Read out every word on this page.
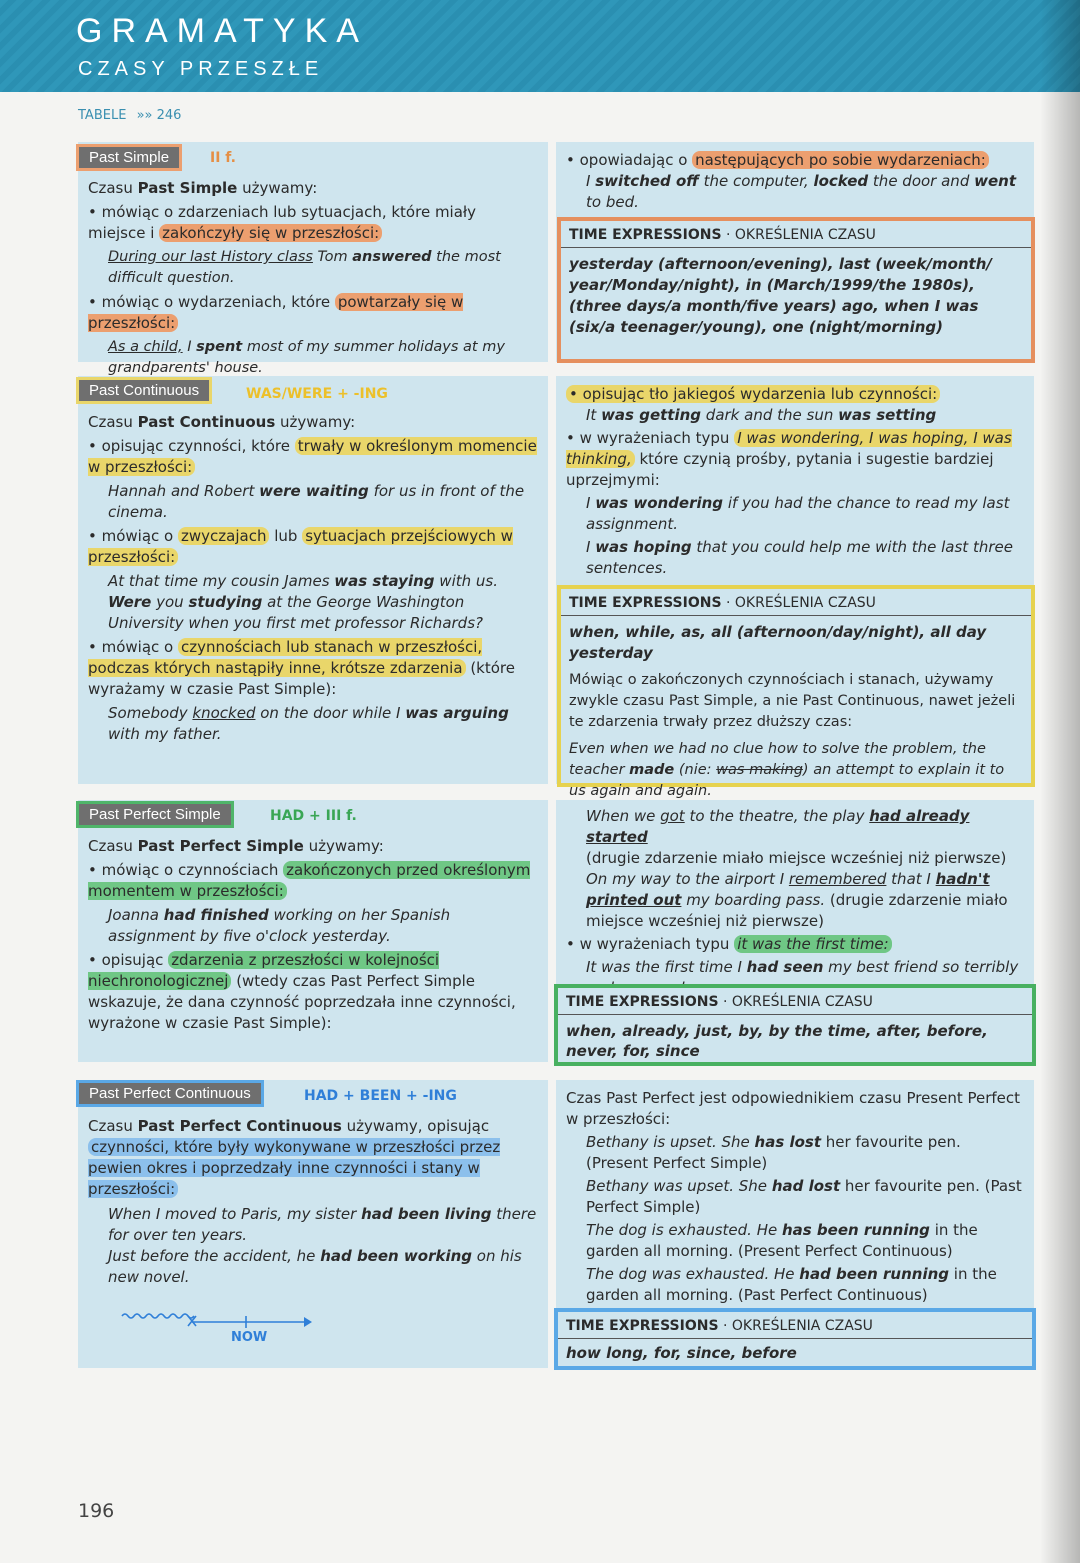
GRAMATYKA
CZASY PRZESZŁE
TABELE »» 246
Past Simple	II f.
Czasu Past Simple używamy:
• mówiąc o zdarzeniach lub sytuacjach, które miały miejsce i zakończyły się w przeszłości:
During our last History class Tom answered the most difficult question.
• mówiąc o wydarzeniach, które powtarzały się w przeszłości:
As a child, I spent most of my summer holidays at my grandparents' house.
• opowiadając o następujących po sobie wydarzeniach:
I switched off the computer, locked the door and went to bed.
TIME EXPRESSIONS · OKREŚLENIA CZASU
yesterday (afternoon/evening), last (week/month/ year/Monday/night), in (March/1999/the 1980s), (three days/a month/five years) ago, when I was (six/a teenager/young), one (night/morning)
Past Continuous	WAS/WERE + -ING
Czasu Past Continuous używamy:
• opisując czynności, które trwały w określonym momencie w przeszłości:
Hannah and Robert were waiting for us in front of the cinema.
• mówiąc o zwyczajach lub sytuacjach przejściowych w przeszłości:
At that time my cousin James was staying with us.
Were you studying at the George Washington University when you first met professor Richards?
• mówiąc o czynnościach lub stanach w przeszłości, podczas których nastąpiły inne, krótsze zdarzenia (które wyrażamy w czasie Past Simple):
Somebody knocked on the door while I was arguing with my father.
• opisując tło jakiegoś wydarzenia lub czynności:
It was getting dark and the sun was setting
• w wyrażeniach typu I was wondering, I was hoping, I was thinking, które czynią prośby, pytania i sugestie bardziej uprzejmymi:
I was wondering if you had the chance to read my last assignment.
I was hoping that you could help me with the last three sentences.
TIME EXPRESSIONS · OKREŚLENIA CZASU
when, while, as, all (afternoon/day/night), all day yesterday
Mówiąc o zakończonych czynnościach i stanach, używamy zwykle czasu Past Simple, a nie Past Continuous, nawet jeżeli te zdarzenia trwały przez dłuższy czas:
Even when we had no clue how to solve the problem, the teacher made (nie: was making) an attempt to explain it to us again and again.
Past Perfect Simple	HAD + III f.
Czasu Past Perfect Simple używamy:
• mówiąc o czynnościach zakończonych przed określonym momentem w przeszłości:
Joanna had finished working on her Spanish assignment by five o'clock yesterday.
• opisując zdarzenia z przeszłości w kolejności niechronologicznej (wtedy czas Past Perfect Simple wskazuje, że dana czynność poprzedzała inne czynności, wyrażone w czasie Past Simple):
When we got to the theatre, the play had already started
(drugie zdarzenie miało miejsce wcześniej niż pierwsze)
On my way to the airport I remembered that I hadn't printed out my boarding pass. (drugie zdarzenie miało miejsce wcześniej niż pierwsze)
• w wyrażeniach typu it was the first time:
It was the first time I had seen my best friend so terribly
TIME EXPRESSIONS · OKREŚLENIA CZASU
when, already, just, by, by the time, after, before, never, for, since
Past Perfect Continuous	HAD + BEEN + -ING
Czasu Past Perfect Continuous używamy, opisując czynności, które były wykonywane w przeszłości przez pewien okres i poprzedzały inne czynności i stany w przeszłości:
When I moved to Paris, my sister had been living there for over ten years.
Just before the accident, he had been working on his new novel.
NOW
Czas Past Perfect jest odpowiednikiem czasu Present Perfect w przeszłości:
Bethany is upset. She has lost her favourite pen. (Present Perfect Simple)
Bethany was upset. She had lost her favourite pen. (Past Perfect Simple)
The dog is exhausted. He has been running in the garden all morning. (Present Perfect Continuous)
The dog was exhausted. He had been running in the garden all morning. (Past Perfect Continuous)
TIME EXPRESSIONS · OKREŚLENIA CZASU
how long, for, since, before
196
